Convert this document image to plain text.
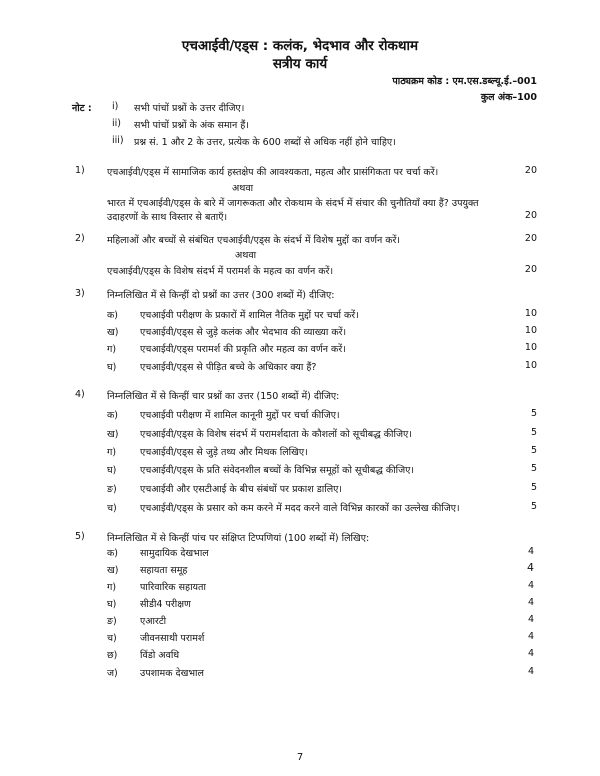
एचआईवी/एड्स : कलंक, भेदभाव और रोकथाम
सत्रीय कार्य
पाठ्यक्रम कोड : एम.एस.डब्ल्यू.ई.–001
कुल अंक–100
नोट : i) सभी पांचों प्रश्नों के उत्तर दीजिए।
ii) सभी पांचों प्रश्नों के अंक समान हैं।
iii) प्रश्न सं. 1 और 2 के उत्तर, प्रत्येक के 600 शब्दों से अधिक नहीं होने चाहिए।
1) एचआईवी/एड्स में सामाजिक कार्य हस्तक्षेप की आवश्यकता, महत्व और प्रासंगिकता पर चर्चा करें।	20
अथवा
भारत में एचआईवी/एड्स के बारे में जागरूकता और रोकथाम के संदर्भ में संचार की चुनौतियाँ क्या हैं? उपयुक्त
उदाहरणों के साथ विस्तार से बताएँ।	20
2) महिलाओं और बच्चों से संबंधित एचआईवी/एड्स के संदर्भ में विशेष मुद्दों का वर्णन करें।	20
अथवा
एचआईवी/एड्स के विशेष संदर्भ में परामर्श के महत्व का वर्णन करें।	20
3) निम्नलिखित में से किन्हीं दो प्रश्नों का उत्तर (300 शब्दों में) दीजिए:
क) एचआईवी परीक्षण के प्रकारों में शामिल नैतिक मुद्दों पर चर्चा करें।	10
ख) एचआईवी/एड्स से जुड़े कलंक और भेदभाव की व्याख्या करें।	10
ग)	एचआईवी/एड्स परामर्श की प्रकृति और महत्व का वर्णन करें।	10
घ) एचआईवी/एड्स से पीड़ित बच्चे के अधिकार क्या हैं?	10
4) निम्नलिखित में से किन्हीं चार प्रश्नों का उत्तर (150 शब्दों में) दीजिए:
क) एचआईवी परीक्षण में शामिल कानूनी मुद्दों पर चर्चा कीजिए।	5
ख) एचआईवी/एड्स के विशेष संदर्भ में परामर्शदाता के कौशलों को सूचीबद्ध कीजिए।	5
ग)	एचआईवी/एड्स से जुड़े तथ्य और मिथक लिखिए।	5
घ) एचआईवी/एड्स के प्रति संवेदनशील बच्चों के विभिन्न समूहों को सूचीबद्ध कीजिए।	5
ङ) एचआईवी और एसटीआई के बीच संबंधों पर प्रकाश डालिए।	5
च) एचआईवी/एड्स के प्रसार को कम करने में मदद करने वाले विभिन्न कारकों का उल्लेख कीजिए।	5
5) निम्नलिखित में से किन्हीं पांच पर संक्षिप्त टिप्पणियां (100 शब्दों में) लिखिए:
क) सामुदायिक देखभाल	4
ख) सहायता समूह	4
ग)	पारिवारिक सहायता	4
घ) सीडी4 परीक्षण	4
ङ) एआरटी	4
च) जीवनसाथी परामर्श	4
छ) विंडो अवधि	4
ज) उपशामक देखभाल	4
7
